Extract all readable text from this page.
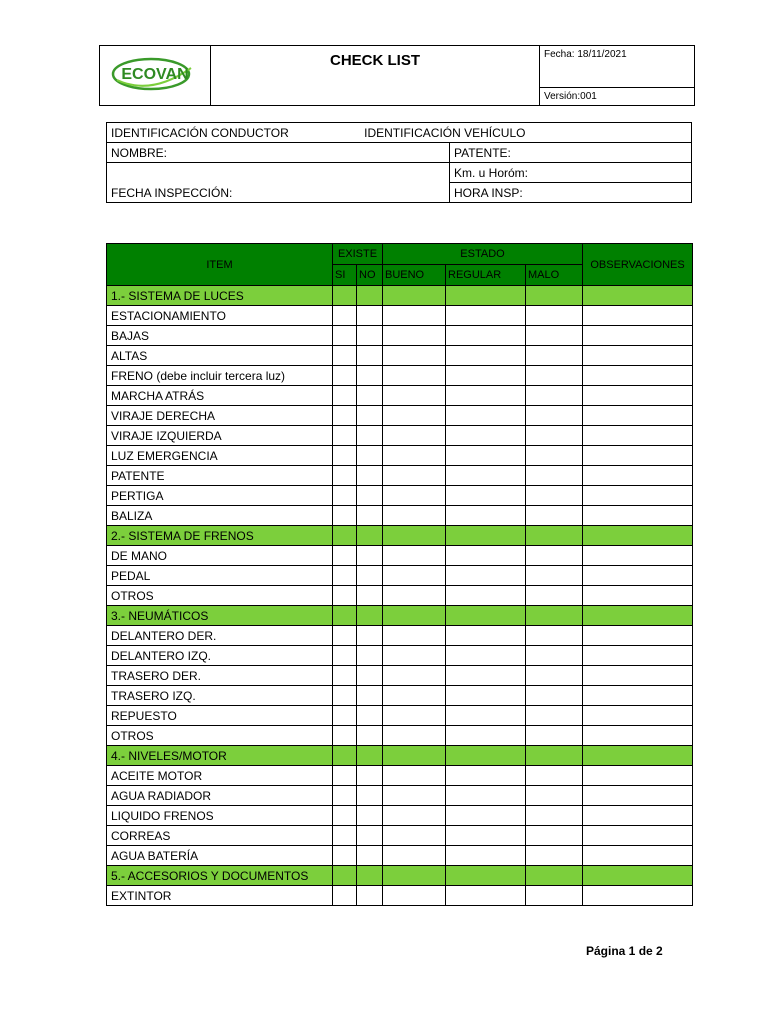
ECOVAN
	CHECK LIST	Fecha: 18/11/2021
Versión:001
IDENTIFICACIÓN CONDUCTOR IDENTIFICACIÓN VEHÍCULO	
NOMBRE:	PATENTE:
FECHA INSPECCIÓN:	Km. u Horóm:
	HORA INSP:
ITEM	EXISTE		ESTADO			OBSERVACIONES
	SI	NO	BUENO	REGULAR	MALO	
1.- SISTEMA DE LUCES						
ESTACIONAMIENTO						
BAJAS						
ALTAS						
FRENO (debe incluir tercera luz)						
MARCHA ATRÁS						
VIRAJE DERECHA						
VIRAJE IZQUIERDA						
LUZ EMERGENCIA						
PATENTE						
PERTIGA						
BALIZA						
2.- SISTEMA DE FRENOS						
DE MANO						
PEDAL						
OTROS						
3.- NEUMÁTICOS						
DELANTERO DER.						
DELANTERO IZQ.						
TRASERO DER.						
TRASERO IZQ.						
REPUESTO						
OTROS						
4.- NIVELES/MOTOR						
ACEITE MOTOR						
AGUA RADIADOR						
LIQUIDO FRENOS						
CORREAS						
AGUA BATERÍA						
5.- ACCESORIOS Y DOCUMENTOS						
EXTINTOR						
Página 1 de 2
